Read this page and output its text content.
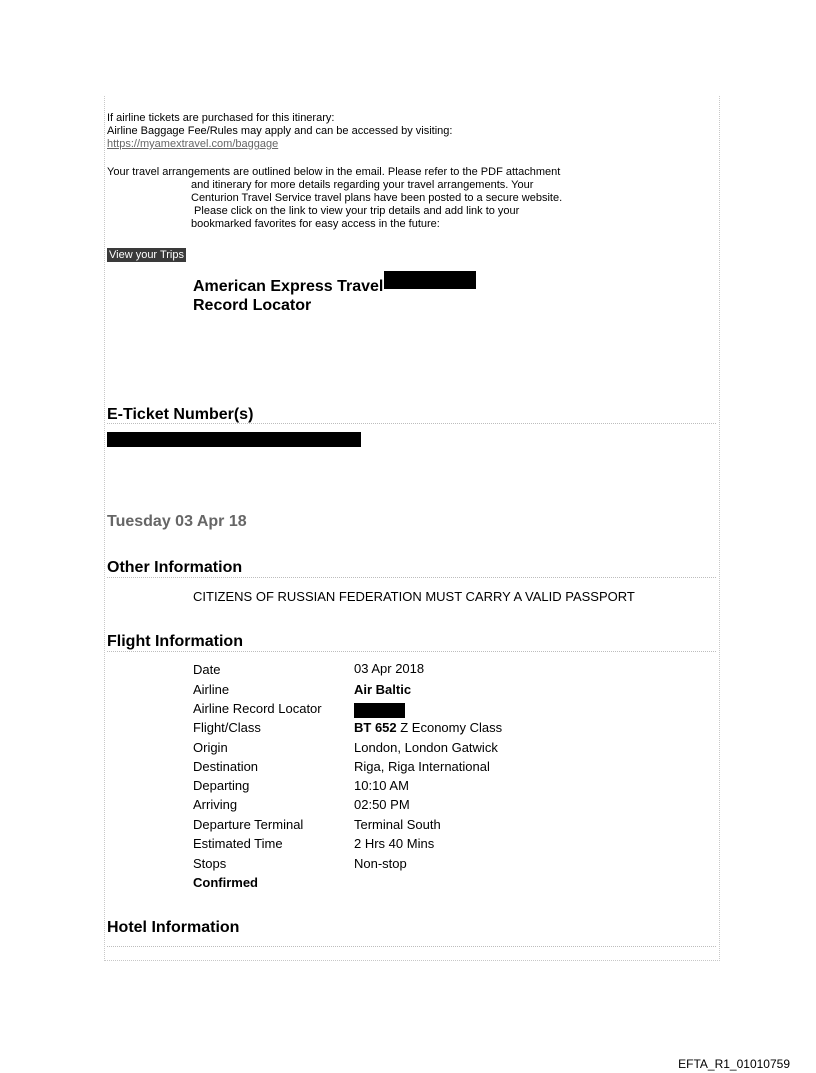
If airline tickets are purchased for this itinerary:
Airline Baggage Fee/Rules may apply and can be accessed by visiting:
https://myamextravel.com/baggage
Your travel arrangements are outlined below in the email. Please refer to the PDF attachment
and itinerary for more details regarding your travel arrangements. Your
Centurion Travel Service travel plans have been posted to a secure website.
Please click on the link to view your trip details and add link to your
bookmarked favorites for easy access in the future:
View your Trips
American Express Travel
Record Locator
E-Ticket Number(s)
Tuesday 03 Apr 18
Other Information
CITIZENS OF RUSSIAN FEDERATION MUST CARRY A VALID PASSPORT
Flight Information
Date	03 Apr 2018
Airline	Air Baltic
Airline Record Locator
Flight/Class	BT 652 Z Economy Class
Origin	London, London Gatwick
Destination	Riga, Riga International
Departing	10:10 AM
Arriving	02:50 PM
Departure Terminal	Terminal South
Estimated Time	2 Hrs 40 Mins
Stops	Non-stop
Confirmed
Hotel Information
EFTA_R1_01010759
